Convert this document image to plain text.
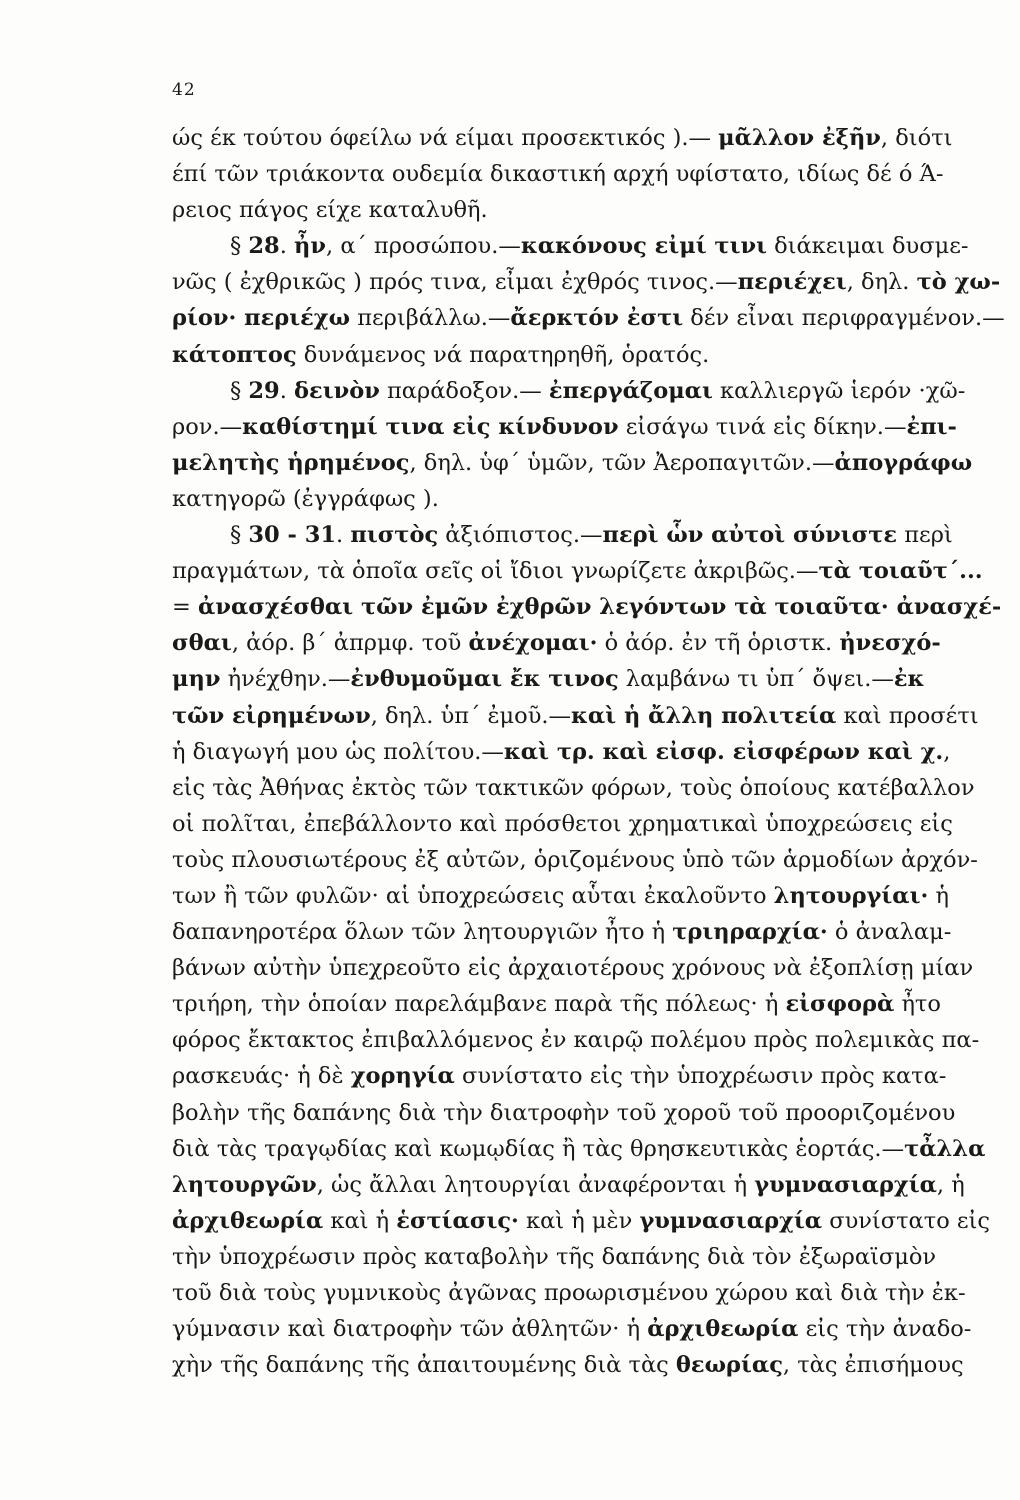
42
ώς έκ τούτου όφείλω νά είμαι προσεκτικός ).— μᾶλλον ἐξῆν, διότι
έπί τῶν τριάκοντα ουδεμία δικαστική αρχή υφίστατο, ιδίως δέ ό Ά-
ρειος πάγος είχε καταλυθῆ.
§ 28. ἦν, α΄ προσώπου.—κακόνους εἰμί τινι διάκειμαι δυσμε-
νῶς ( ἐχθρικῶς ) πρός τινα, εἶμαι ἐχθρός τινος.—περιέχει, δηλ. τὸ χω-
ρίον· περιέχω περιβάλλω.—ἄερκτόν ἐστι δέν εἶναι περιφραγμένον.—
κάτοπτος δυνάμενος νά παρατηρηθῆ, ὁρατός.
§ 29. δεινὸν παράδοξον.— ἐπεργάζομαι καλλιεργῶ ἱερόν ·χῶ-
ρον.—καθίστημί τινα εἰς κίνδυνον εἰσάγω τινά εἰς δίκην.—ἐπι-
μελητὴς ἡρημένος, δηλ. ὑφ΄ ὑμῶν, τῶν Ἀεροπαγιτῶν.—ἀπογράφω
κατηγορῶ (ἐγγράφως ).
§ 30 - 31. πιστὸς ἀξιόπιστος.—περὶ ὧν αὐτοὶ σύνιστε περὶ
πραγμάτων, τὰ ὁποῖα σεῖς οἱ ἴδιοι γνωρίζετε ἀκριβῶς.—τὰ τοιαῦτ΄...
= ἀνασχέσθαι τῶν ἐμῶν ἐχθρῶν λεγόντων τὰ τοιαῦτα· ἀνασχέ-
σθαι, ἀόρ. β΄ ἀπρμφ. τοῦ ἀνέχομαι· ὁ ἀόρ. ἐν τῆ ὁριστκ. ἠνεσχό-
μην ἠνέχθην.—ἐνθυμοῦμαι ἔκ τινος λαμβάνω τι ὑπ΄ ὄψει.—ἐκ
τῶν εἰρημένων, δηλ. ὑπ΄ ἐμοῦ.—καὶ ἡ ἄλλη πολιτεία καὶ προσέτι
ἡ διαγωγή μου ὡς πολίτου.—καὶ τρ. καὶ εἰσφ. εἰσφέρων καὶ χ.,
εἰς τὰς Ἀθήνας ἐκτὸς τῶν τακτικῶν φόρων, τοὺς ὁποίους κατέβαλλον
οἱ πολῖται, ἐπεβάλλοντο καὶ πρόσθετοι χρηματικαὶ ὑποχρεώσεις εἰς
τοὺς πλουσιωτέρους ἐξ αὐτῶν, ὁριζομένους ὑπὸ τῶν ἁρμοδίων ἀρχόν-
των ἢ τῶν φυλῶν· αἱ ὑποχρεώσεις αὗται ἐκαλοῦντο λητουργίαι· ἡ
δαπανηροτέρα ὅλων τῶν λητουργιῶν ἦτο ἡ τριηραρχία· ὁ ἀναλαμ-
βάνων αὐτὴν ὑπεχρεοῦτο εἰς ἀρχαιοτέρους χρόνους νὰ ἐξοπλίσῃ μίαν
τριήρη, τὴν ὁποίαν παρελάμβανε παρὰ τῆς πόλεως· ἡ εἰσφορὰ ἦτο
φόρος ἔκτακτος ἐπιβαλλόμενος ἐν καιρῷ πολέμου πρὸς πολεμικὰς πα-
ρασκευάς· ἡ δὲ χορηγία συνίστατο εἰς τὴν ὑποχρέωσιν πρὸς κατα-
βολὴν τῆς δαπάνης διὰ τὴν διατροφὴν τοῦ χοροῦ τοῦ προοριζομένου
διὰ τὰς τραγῳδίας καὶ κωμῳδίας ἢ τὰς θρησκευτικὰς ἑορτάς.—τἆλλα
λητουργῶν, ὡς ἄλλαι λητουργίαι ἀναφέρονται ἡ γυμνασιαρχία, ἡ
ἀρχιθεωρία καὶ ἡ ἑστίασις· καὶ ἡ μὲν γυμνασιαρχία συνίστατο εἰς
τὴν ὑποχρέωσιν πρὸς καταβολὴν τῆς δαπάνης διὰ τὸν ἐξωραϊσμὸν
τοῦ διὰ τοὺς γυμνικοὺς ἀγῶνας προωρισμένου χώρου καὶ διὰ τὴν ἐκ-
γύμνασιν καὶ διατροφὴν τῶν ἀθλητῶν· ἡ ἀρχιθεωρία εἰς τὴν ἀναδο-
χὴν τῆς δαπάνης τῆς ἀπαιτουμένης διὰ τὰς θεωρίας, τὰς ἐπισήμους
